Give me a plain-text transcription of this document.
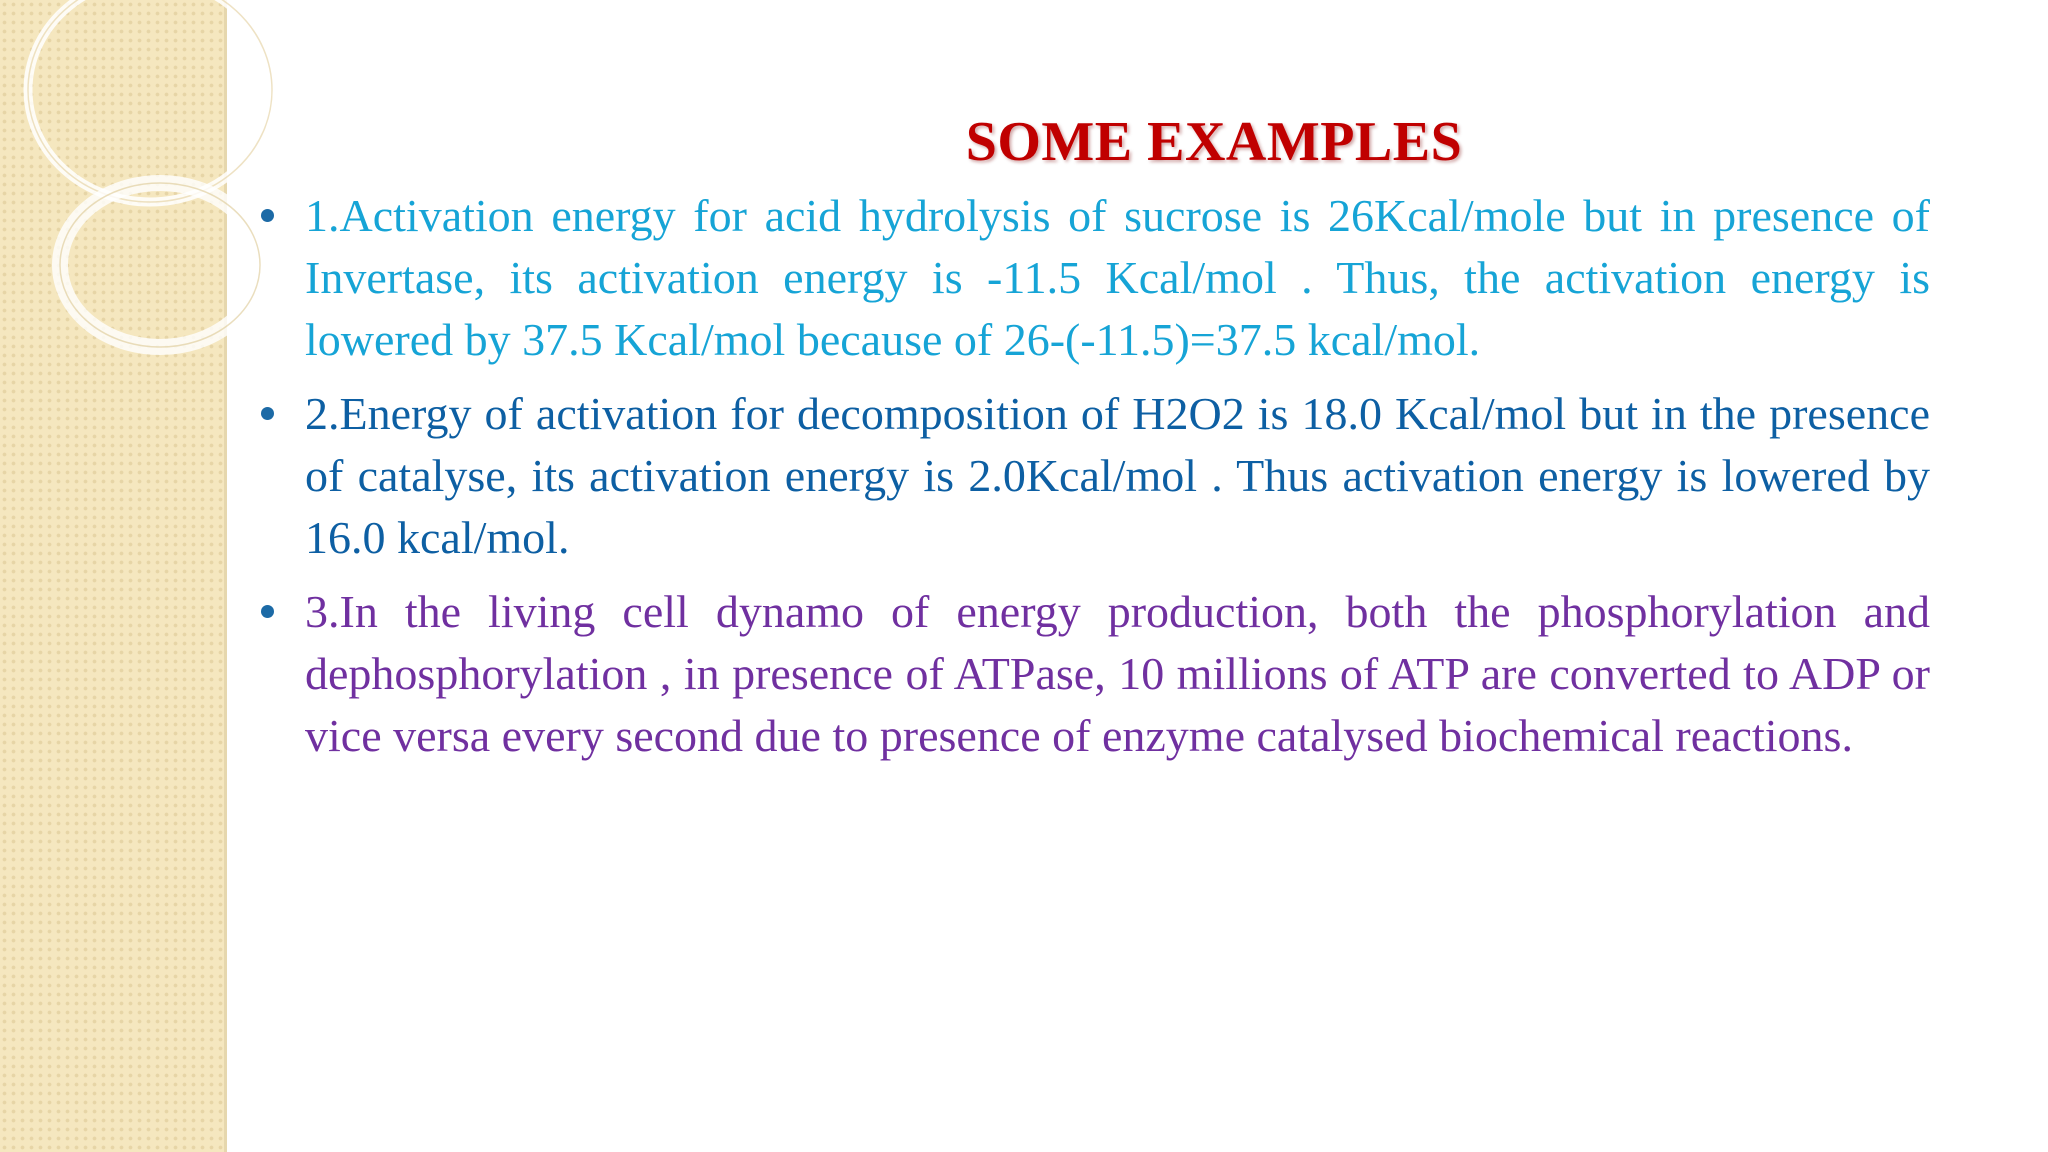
SOME EXAMPLES
1.Activation energy for acid hydrolysis of sucrose is 26Kcal/mole but in presence of Invertase, its activation energy is -11.5 Kcal/mol . Thus, the activation energy is lowered by 37.5 Kcal/mol because of 26-(-11.5)=37.5 kcal/mol.
2.Energy of activation for decomposition of H2O2 is 18.0 Kcal/mol but in the presence of catalyse, its activation energy is 2.0Kcal/mol . Thus activation energy is lowered by 16.0 kcal/mol.
3.In the living cell dynamo of energy production, both the phosphorylation and dephosphorylation , in presence of ATPase, 10 millions of ATP are converted to ADP or vice versa every second due to presence of enzyme catalysed biochemical reactions.
